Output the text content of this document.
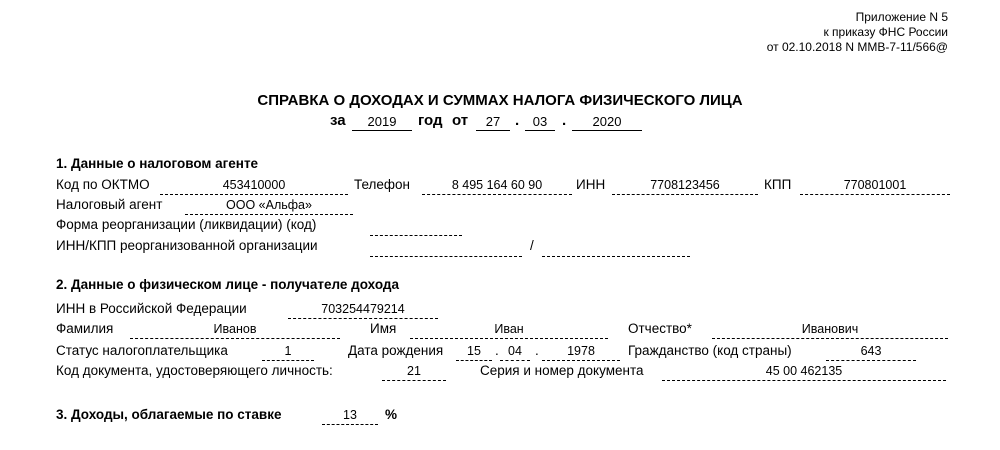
Приложение N 5
к приказу ФНС России
от 02.10.2018 N ММВ-7-11/566@
СПРАВКА О ДОХОДАХ И СУММАХ НАЛОГА ФИЗИЧЕСКОГО ЛИЦА
за	2019	год от	27 .	03 .	2020
1. Данные о налоговом агенте
Код по ОКТМО	453410000	Телефон	8 495 164 60 90	ИНН	7708123456	КПП	770801001
Налоговый агент	ООО «Альфа»
Форма реорганизации (ликвидации) (код)
ИНН/КПП реорганизованной организации	/
2. Данные о физическом лице - получателе дохода
ИНН в Российской Федерации	703254479214
Фамилия	Иванов	Имя	Иван	Отчество*	Иванович
Статус налогоплательщика	1	Дата рождения	15	. 04 .	1978	Гражданство (код страны)	643
Код документа, удостоверяющего личность:	21	Серия и номер документа	45 00 462135
3. Доходы, облагаемые по ставке	13	%
